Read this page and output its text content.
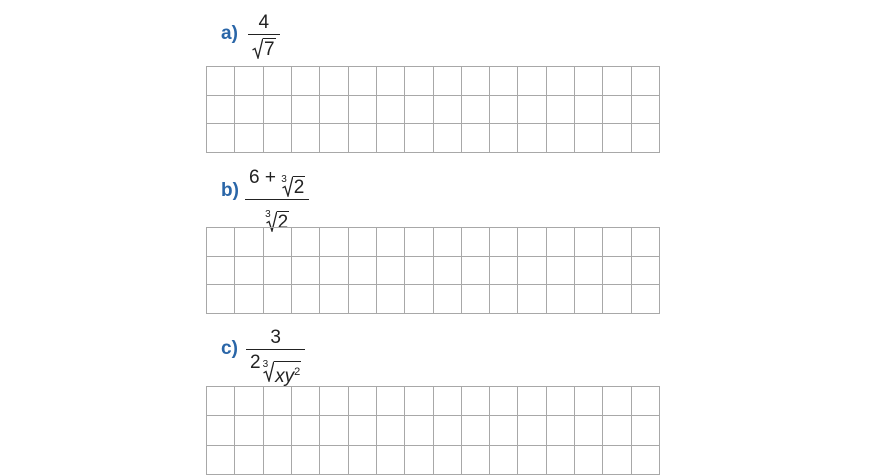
a)
4
7
b)
6 + 3 2
3 2
c)
3
2 3
$xy^2$
